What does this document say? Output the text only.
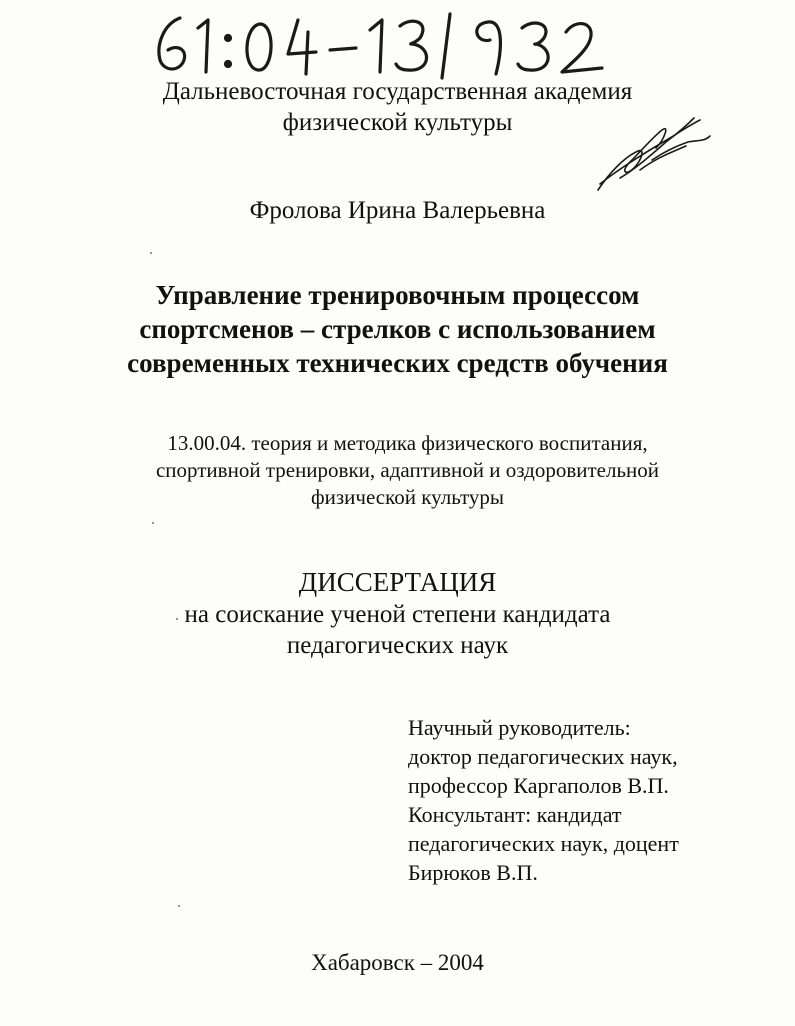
Дальневосточная государственная академия
физической культуры
Фролова Ирина Валерьевна
Управление тренировочным процессом
спортсменов – стрелков с использованием
современных технических средств обучения
13.00.04. теория и методика физического воспитания,
спортивной тренировки, адаптивной и оздоровительной
физической культуры
ДИССЕРТАЦИЯ
на соискание ученой степени кандидата
педагогических наук
Научный руководитель:
доктор педагогических наук,
профессор Каргаполов В.П.
Консультант: кандидат
педагогических наук, доцент
Бирюков В.П.
Хабаровск – 2004
